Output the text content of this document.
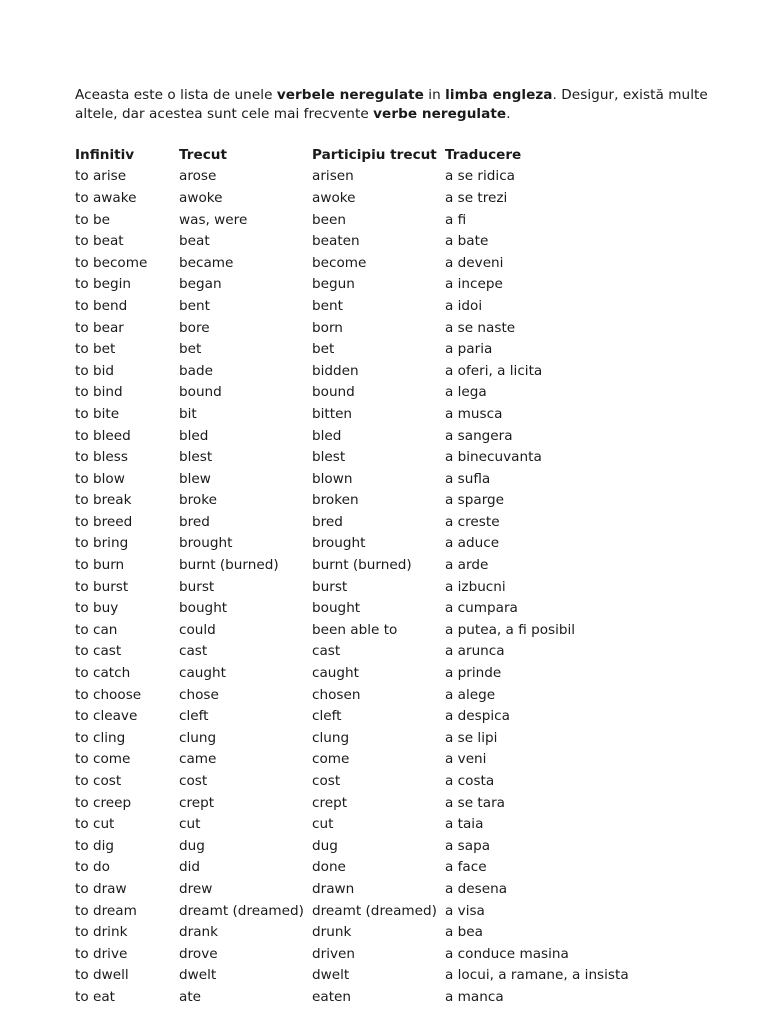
Aceasta este o lista de unele verbele neregulate in limba engleza. Desigur, există multe altele, dar acestea sunt cele mai frecvente verbe neregulate.

Infinitiv	Trecut	Participiu trecut	Traducere
to arise	arose	arisen	a se ridica
to awake	awoke	awoke	a se trezi
to be	was, were	been	a fi
to beat	beat	beaten	a bate
to become	became	become	a deveni
to begin	began	begun	a incepe
to bend	bent	bent	a idoi
to bear	bore	born	a se naste
to bet	bet	bet	a paria
to bid	bade	bidden	a oferi, a licita
to bind	bound	bound	a lega
to bite	bit	bitten	a musca
to bleed	bled	bled	a sangera
to bless	blest	blest	a binecuvanta
to blow	blew	blown	a sufla
to break	broke	broken	a sparge
to breed	bred	bred	a creste
to bring	brought	brought	a aduce
to burn	burnt (burned)	burnt (burned)	a arde
to burst	burst	burst	a izbucni
to buy	bought	bought	a cumpara
to can	could	been able to	a putea, a fi posibil
to cast	cast	cast	a arunca
to catch	caught	caught	a prinde
to choose	chose	chosen	a alege
to cleave	cleft	cleft	a despica
to cling	clung	clung	a se lipi
to come	came	come	a veni
to cost	cost	cost	a costa
to creep	crept	crept	a se tara
to cut	cut	cut	a taia
to dig	dug	dug	a sapa
to do	did	done	a face
to draw	drew	drawn	a desena
to dream	dreamt (dreamed)	dreamt (dreamed)	a visa
to drink	drank	drunk	a bea
to drive	drove	driven	a conduce masina
to dwell	dwelt	dwelt	a locui, a ramane, a insista
to eat	ate	eaten	a manca
